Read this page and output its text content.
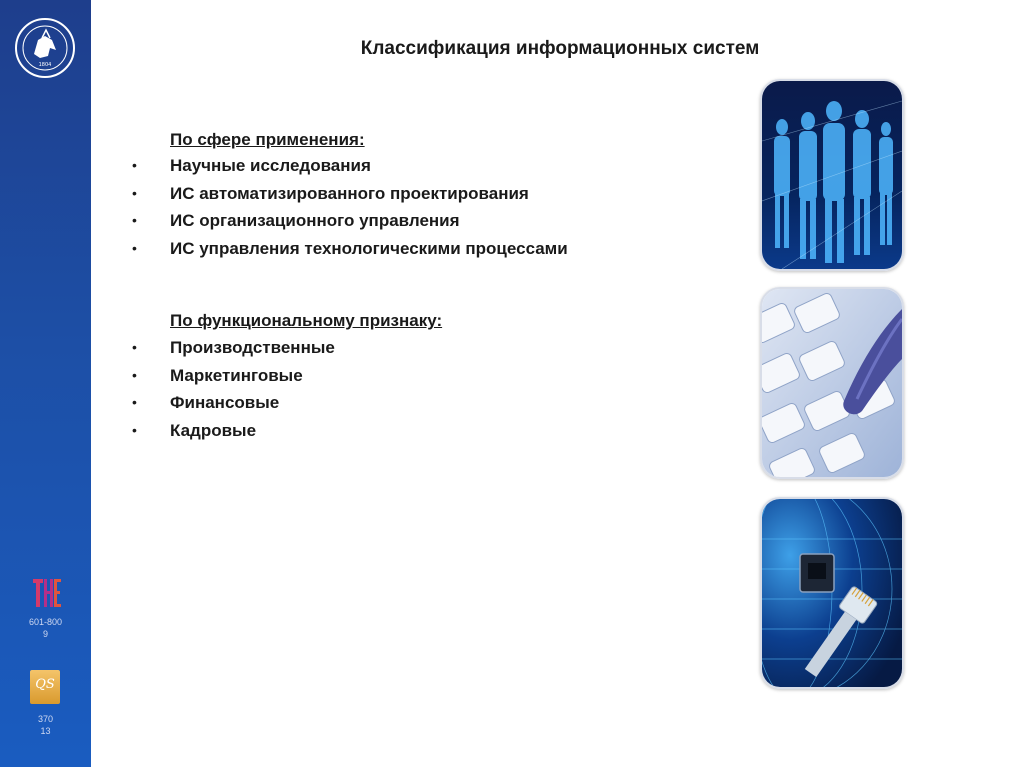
1804
601-800
9
QS
370
13
Классификация информационных систем
По сфере применения:
• Научные исследования
• ИС автоматизированного проектирования
• ИС организационного управления
• ИС управления технологическими процессами
По функциональному признаку:
• Производственные
• Маркетинговые
• Финансовые
• Кадровые
